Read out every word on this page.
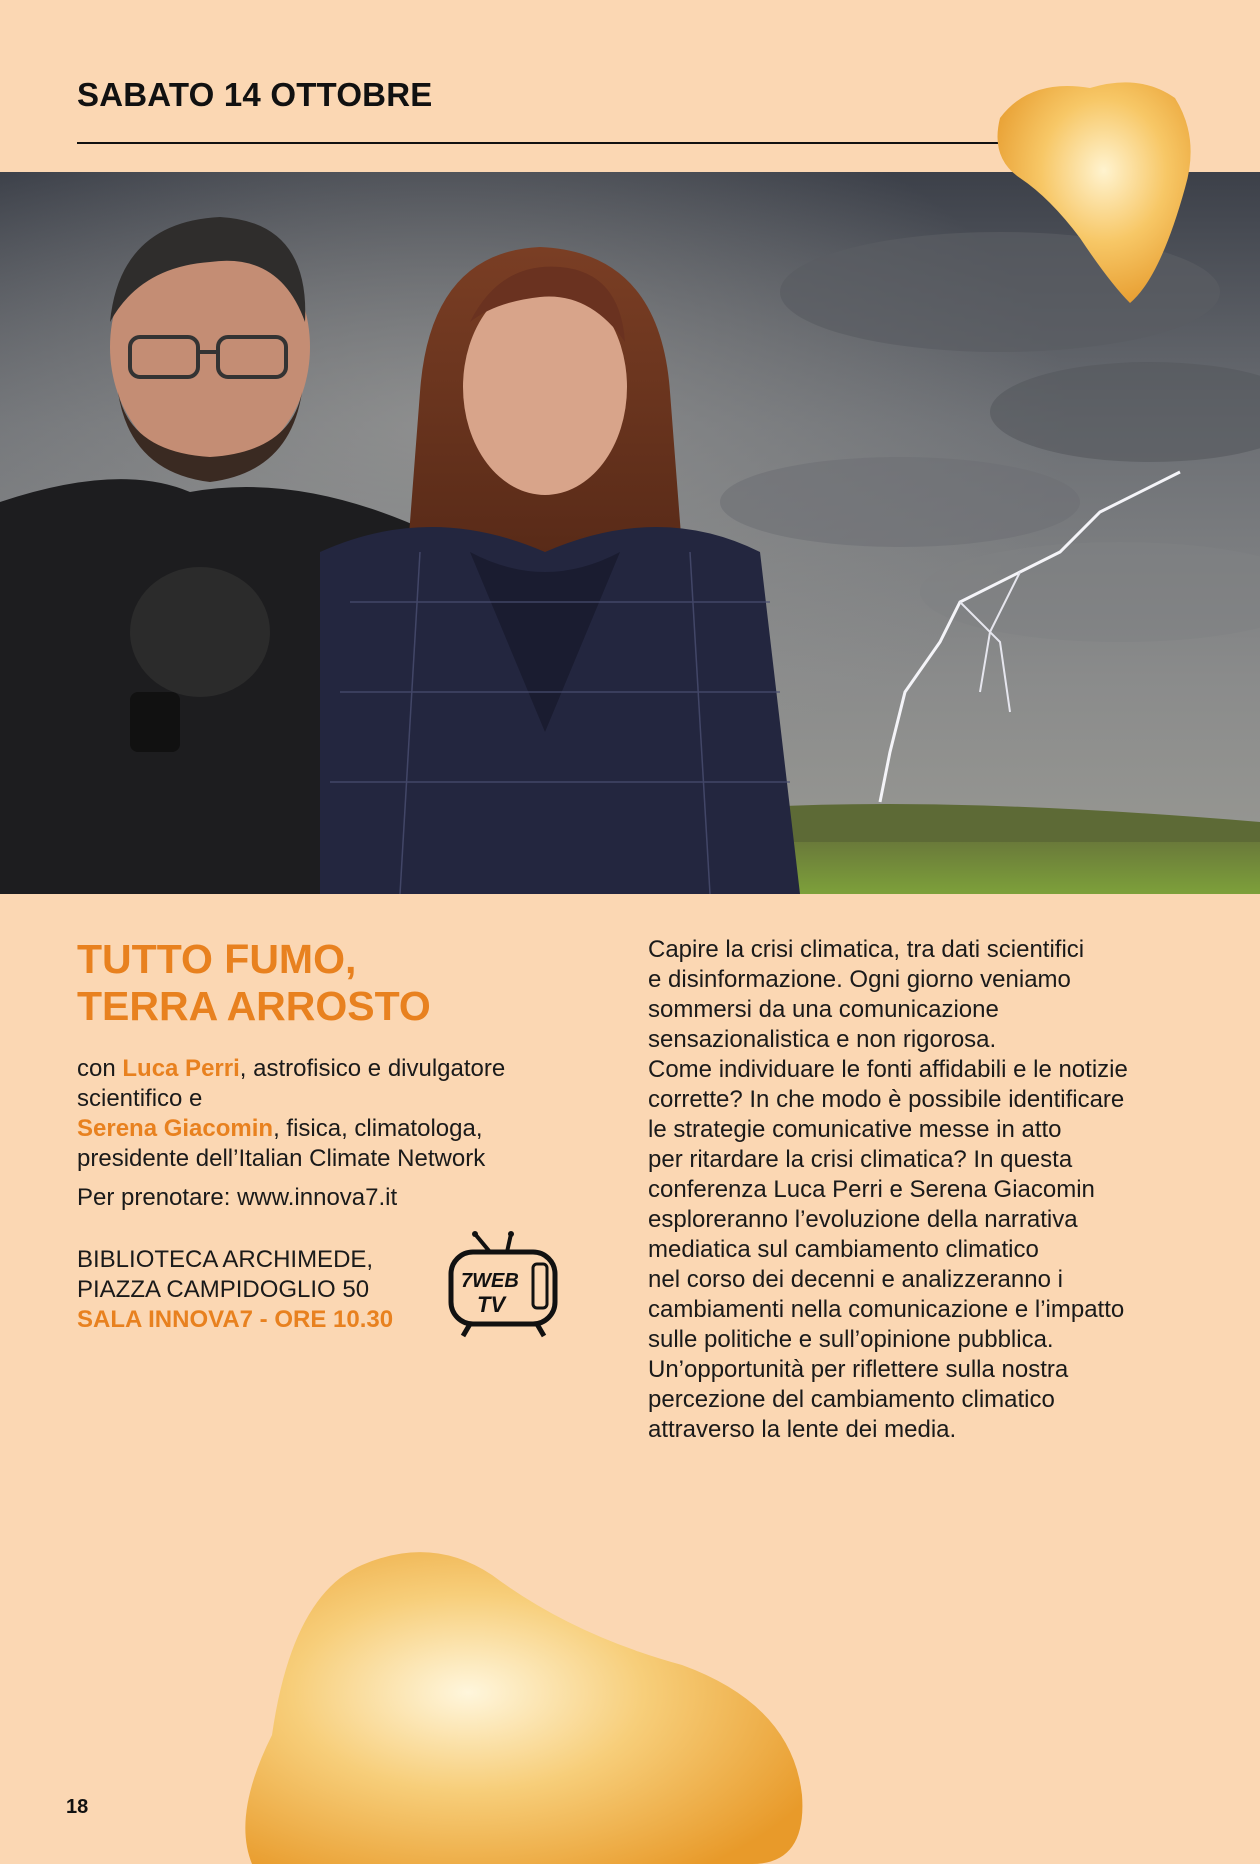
SABATO 14 OTTOBRE
TUTTO FUMO,
TERRA ARROSTO
con Luca Perri, astrofisico e divulgatore scientifico e
Serena Giacomin, fisica, climatologa, presidente dell’Italian Climate Network
Per prenotare: www.innova7.it
BIBLIOTECA ARCHIMEDE,
PIAZZA CAMPIDOGLIO 50
SALA INNOVA7 - ORE 10.30
7WEB
TV
Capire la crisi climatica, tra dati scientifici
e disinformazione. Ogni giorno veniamo
sommersi da una comunicazione
sensazionalistica e non rigorosa.
Come individuare le fonti affidabili e le notizie
corrette? In che modo è possibile identificare
le strategie comunicative messe in atto
per ritardare la crisi climatica? In questa
conferenza Luca Perri e Serena Giacomin
esploreranno l’evoluzione della narrativa
mediatica sul cambiamento climatico
nel corso dei decenni e analizzeranno i
cambiamenti nella comunicazione e l’impatto
sulle politiche e sull’opinione pubblica.
Un’opportunità per riflettere sulla nostra
percezione del cambiamento climatico
attraverso la lente dei media.
18
